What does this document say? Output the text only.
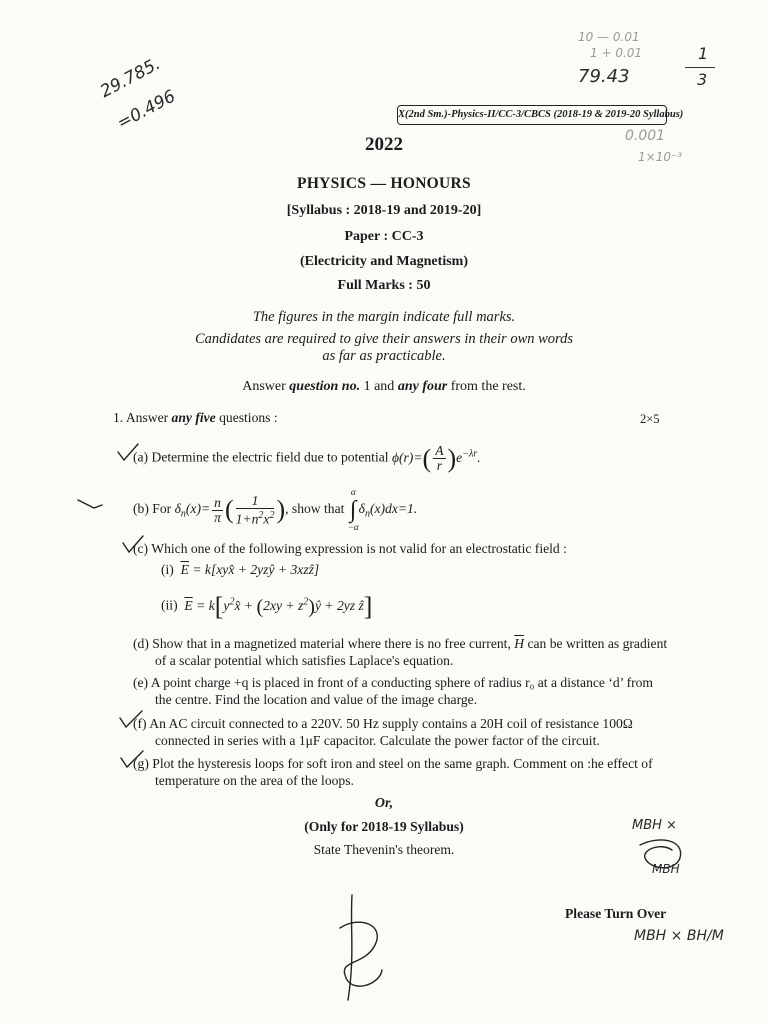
29.785.
=0.496
10 — 0.01
1 + 0.01
79.43
1
3
0.001
1×10⁻³
X(2nd Sm.)-Physics-II/CC-3/CBCS (2018-19 & 2019-20 Syllabus)
2022
PHYSICS — HONOURS
[Syllabus : 2018-19 and 2019-20]
Paper : CC-3
(Electricity and Magnetism)
Full Marks : 50
The figures in the margin indicate full marks.
Candidates are required to give their answers in their own words
as far as practicable.
Answer question no. 1 and any four from the rest.
1. Answer any five questions :	2×5
(a) Determine the electric field due to potential $\phi(r)=( \frac{A}{r} )e^{-\lambda r}$.
(b) For $\delta_n(x)= \frac{n}{\pi}$ ( $\frac{1}{1+n^2x^2}$ ), show that
α
∫
−α
$\delta_n(x)dx=1$.
(c) Which one of the following expression is not valid for an electrostatic field :
(i) $\overline{E}$ = k[xyx̂ + 2yzŷ + 3xzẑ]
(ii) $\overline{E}$ = $k[y^2x̂ + (2xy$ + $z^2)ŷ + 2yz$ ẑ]
(d) Show that in a magnetized material where there is no free current, $\overline{H}$ can be written as gradient
of a scalar potential which satisfies Laplace's equation.
(e) A point charge +q is placed in front of a conducting sphere of radius r₀ at a distance ‘d’ from
the centre. Find the location and value of the image charge.
(f) An AC circuit connected to a 220V. 50 Hz supply contains a 20H coil of resistance 100Ω
connected in series with a 1μF capacitor. Calculate the power factor of the circuit.
(g) Plot the hysteresis loops for soft iron and steel on the same graph. Comment on :he effect of
temperature on the area of the loops.
Or,
(Only for 2018-19 Syllabus)
State Thevenin's theorem.
Please Turn Over
MBH ×
MBH
MBH × BH/M
